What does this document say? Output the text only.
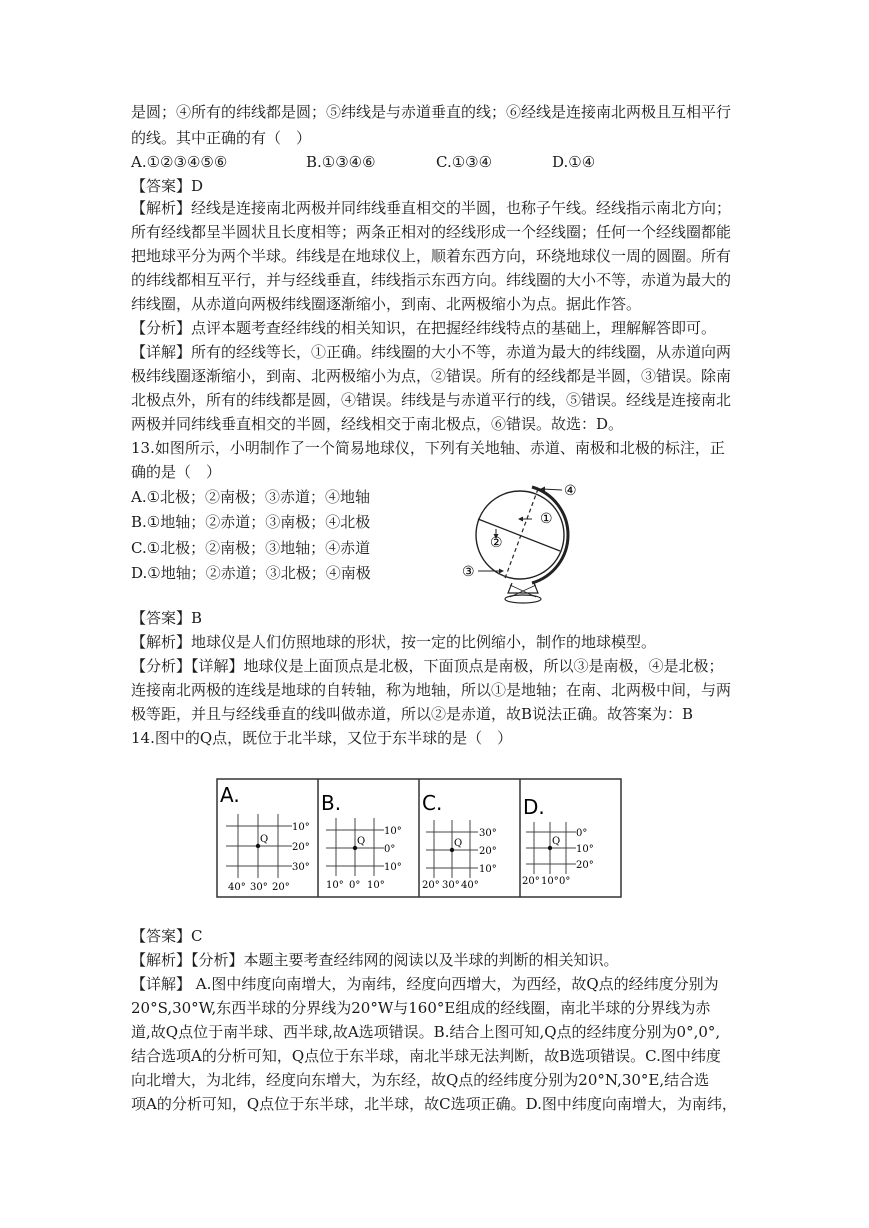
是圆；④所有的纬线都是圆；⑤纬线是与赤道垂直的线；⑥经线是连接南北两极且互相平行
的线。其中正确的有（　）
A.①②③④⑤⑥	B.①③④⑥	C.①③④	D.①④
【答案】D
【解析】经线是连接南北两极并同纬线垂直相交的半圆，也称子午线。经线指示南北方向；
所有经线都呈半圆状且长度相等；两条正相对的经线形成一个经线圈；任何一个经线圈都能
把地球平分为两个半球。纬线是在地球仪上，顺着东西方向，环绕地球仪一周的圆圈。所有
的纬线都相互平行，并与经线垂直，纬线指示东西方向。纬线圈的大小不等，赤道为最大的
纬线圈，从赤道向两极纬线圈逐渐缩小，到南、北两极缩小为点。据此作答。
【分析】点评本题考查经纬线的相关知识，在把握经纬线特点的基础上，理解解答即可。
【详解】所有的经线等长，①正确。纬线圈的大小不等，赤道为最大的纬线圈，从赤道向两
极纬线圈逐渐缩小，到南、北两极缩小为点，②错误。所有的经线都是半圆，③错误。除南
北极点外，所有的纬线都是圆，④错误。纬线是与赤道平行的线，⑤错误。经线是连接南北
两极并同纬线垂直相交的半圆，经线相交于南北极点，⑥错误。故选：D。
13.如图所示，小明制作了一个简易地球仪，下列有关地轴、赤道、南极和北极的标注，正
确的是（　）
A.①北极；②南极；③赤道；④地轴
B.①地轴；②赤道；③南极；④北极
C.①北极；②南极；③地轴；④赤道
D.①地轴；②赤道；③北极；④南极
①
②
③
④
【答案】B
【解析】地球仪是人们仿照地球的形状，按一定的比例缩小，制作的地球模型。
【分析】【详解】地球仪是上面顶点是北极，下面顶点是南极，所以③是南极，④是北极；
连接南北两极的连线是地球的自转轴，称为地轴，所以①是地轴；在南、北两极中间，与两
极等距，并且与经线垂直的线叫做赤道，所以②是赤道，故B说法正确。故答案为：B
14.图中的Q点，既位于北半球，又位于东半球的是（　）
A.
Q
10°
20°
30°
40° 30° 20°
B.
Q
10°
0°
10°
10° 0° 10°
C.
Q
30°
20°
10°
20° 30° 40°
D.
Q
0°
10°
20°
20° 10° 0°
【答案】C
【解析】【分析】本题主要考查经纬网的阅读以及半球的判断的相关知识。
【详解】 A.图中纬度向南增大，为南纬，经度向西增大，为西经，故Q点的经纬度分别为
20°S,30°W,东西半球的分界线为20°W与160°E组成的经线圈，南北半球的分界线为赤
道,故Q点位于南半球、西半球,故A选项错误。B.结合上图可知,Q点的经纬度分别为0°,0°,
结合选项A的分析可知，Q点位于东半球，南北半球无法判断，故B选项错误。C.图中纬度
向北增大，为北纬，经度向东增大，为东经，故Q点的经纬度分别为20°N,30°E,结合选
项A的分析可知，Q点位于东半球，北半球，故C选项正确。D.图中纬度向南增大，为南纬，
